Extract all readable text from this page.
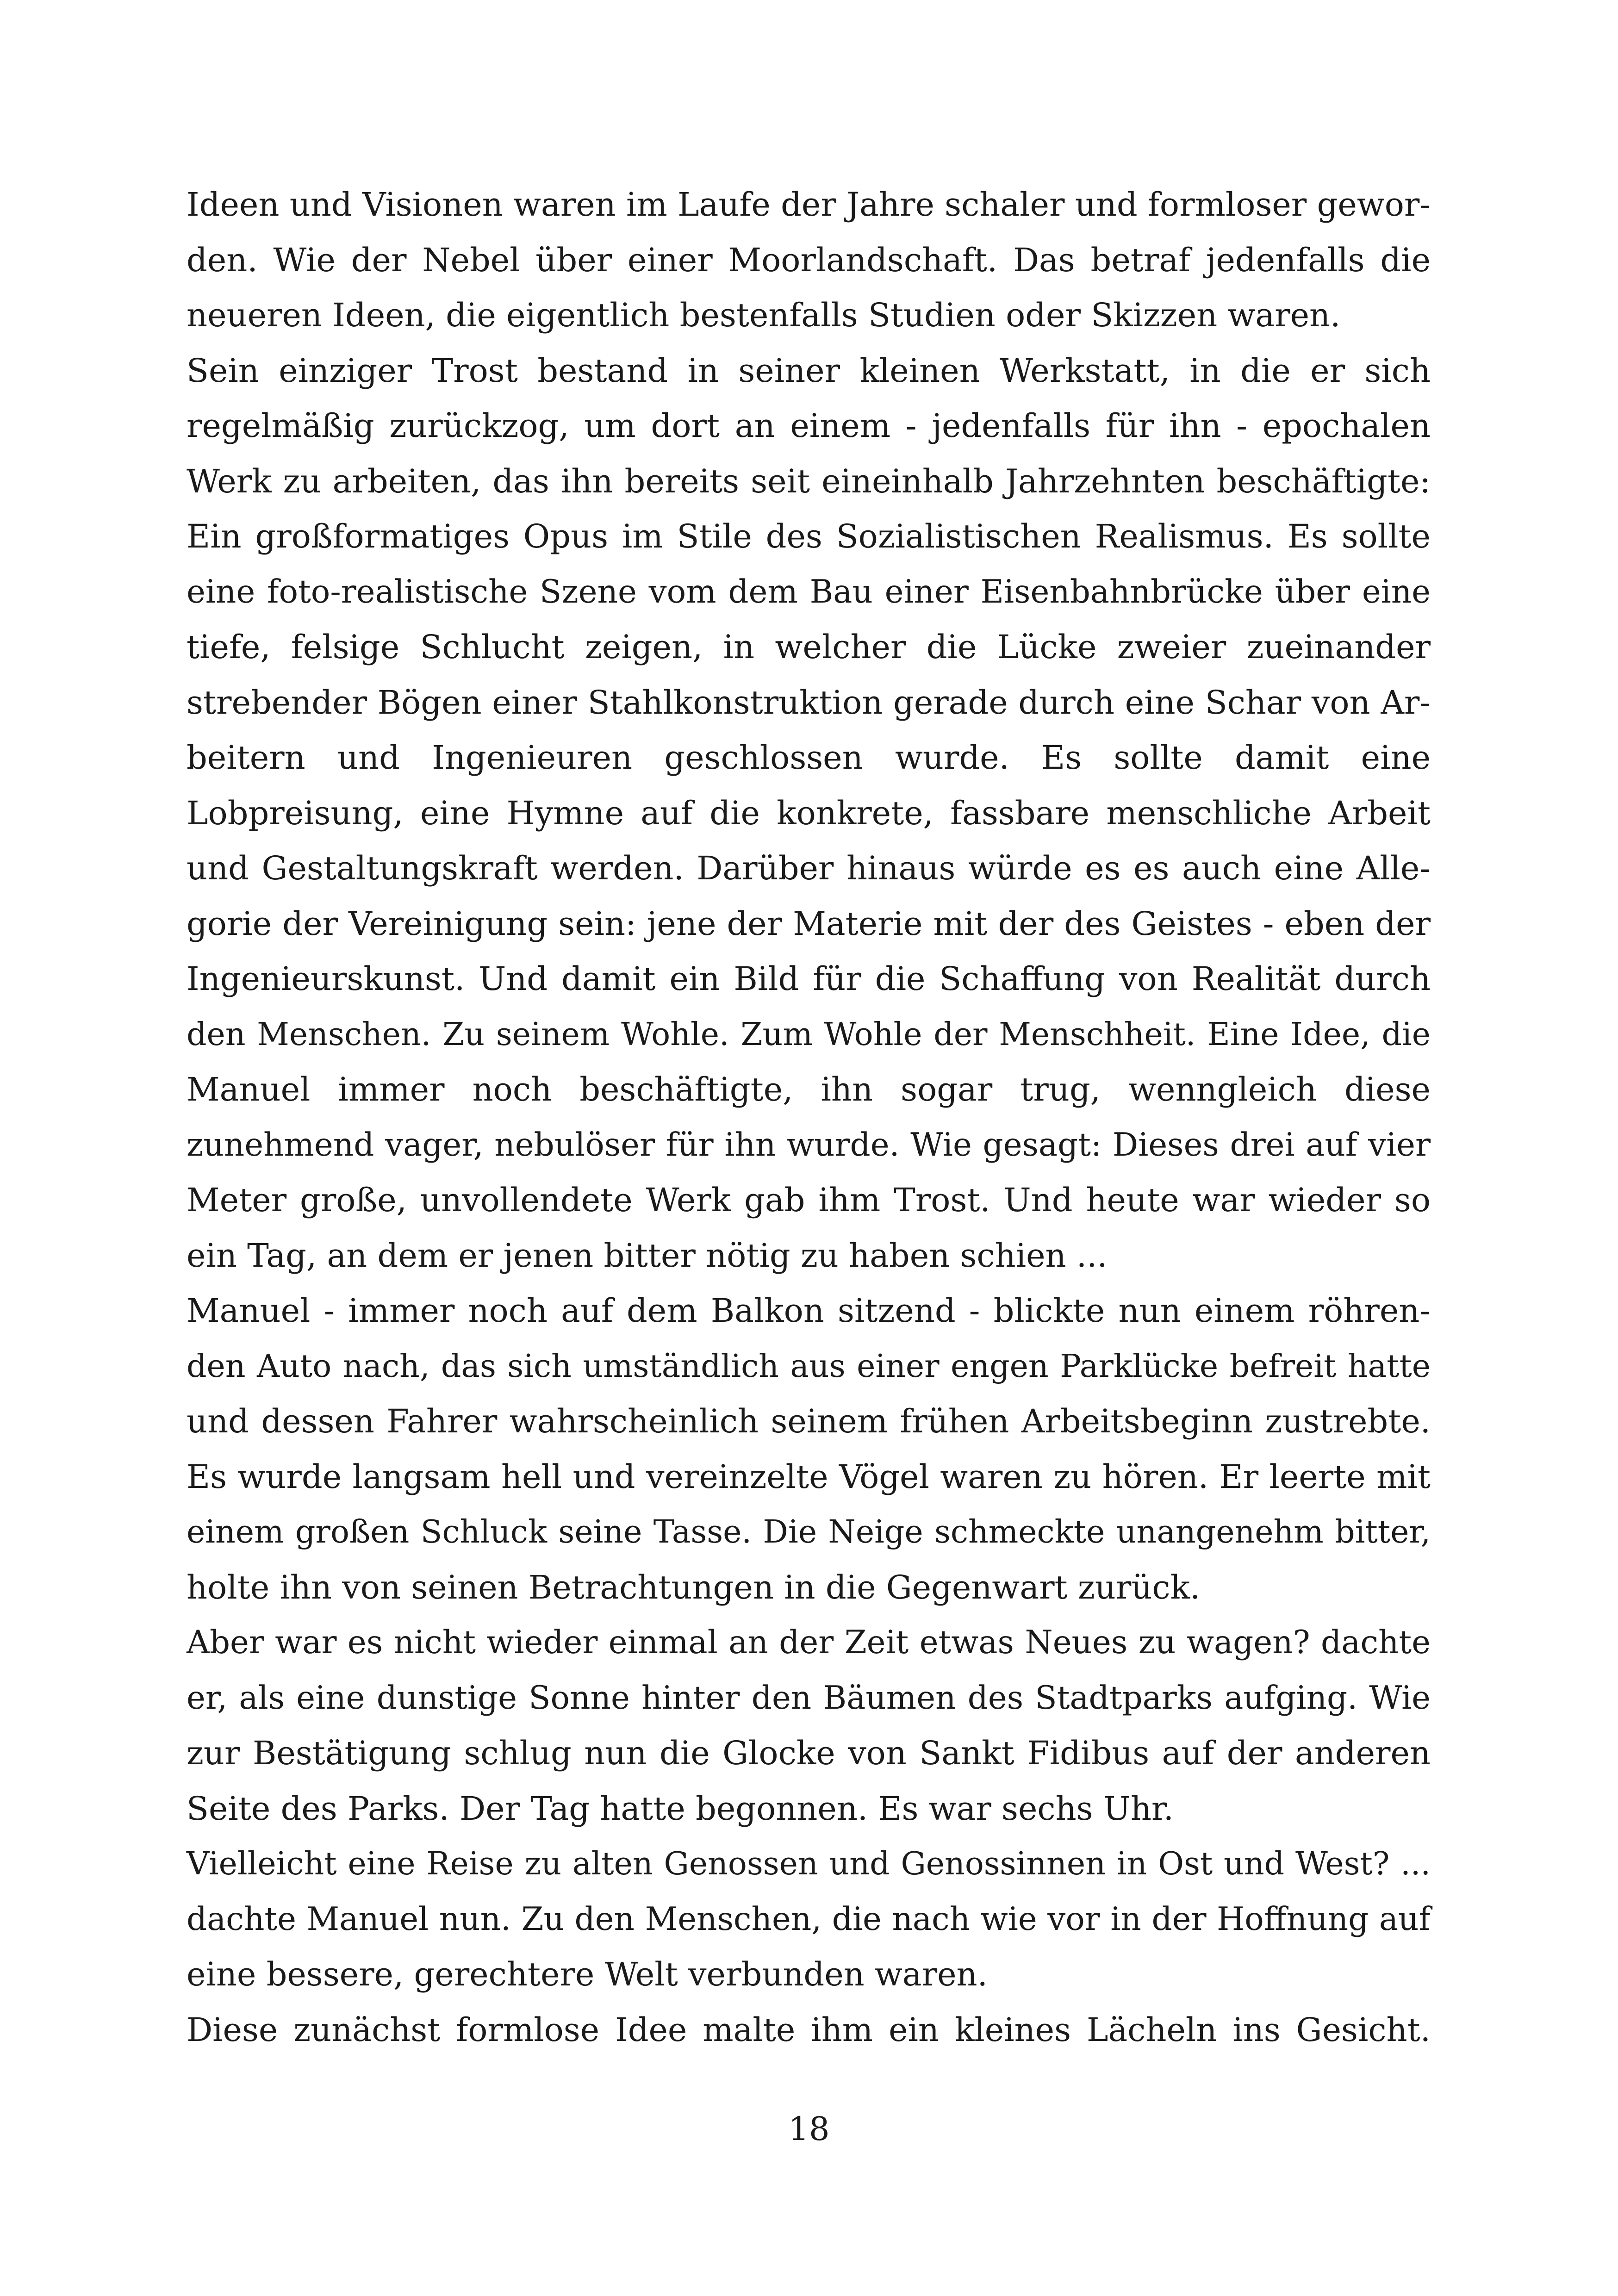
Ideen und Visionen waren im Laufe der Jahre schaler und formloser gewor-
den. Wie der Nebel über einer Moorlandschaft. Das betraf jedenfalls die
neueren Ideen, die eigentlich bestenfalls Studien oder Skizzen waren.
Sein einziger Trost bestand in seiner kleinen Werkstatt, in die er sich
regelmäßig zurückzog, um dort an einem - jedenfalls für ihn - epochalen
Werk zu arbeiten, das ihn bereits seit eineinhalb Jahrzehnten beschäftigte:
Ein großformatiges Opus im Stile des Sozialistischen Realismus. Es sollte
eine foto-realistische Szene vom dem Bau einer Eisenbahnbrücke über eine
tiefe, felsige Schlucht zeigen, in welcher die Lücke zweier zueinander
strebender Bögen einer Stahlkonstruktion gerade durch eine Schar von Ar-
beitern und Ingenieuren geschlossen wurde. Es sollte damit eine
Lobpreisung, eine Hymne auf die konkrete, fassbare menschliche Arbeit
und Gestaltungskraft werden. Darüber hinaus würde es es auch eine Alle-
gorie der Vereinigung sein: jene der Materie mit der des Geistes - eben der
Ingenieurskunst. Und damit ein Bild für die Schaffung von Realität durch
den Menschen. Zu seinem Wohle. Zum Wohle der Menschheit. Eine Idee, die
Manuel immer noch beschäftigte, ihn sogar trug, wenngleich diese
zunehmend vager, nebulöser für ihn wurde. Wie gesagt: Dieses drei auf vier
Meter große, unvollendete Werk gab ihm Trost. Und heute war wieder so
ein Tag, an dem er jenen bitter nötig zu haben schien ...
Manuel - immer noch auf dem Balkon sitzend - blickte nun einem röhren-
den Auto nach, das sich umständlich aus einer engen Parklücke befreit hatte
und dessen Fahrer wahrscheinlich seinem frühen Arbeitsbeginn zustrebte.
Es wurde langsam hell und vereinzelte Vögel waren zu hören. Er leerte mit
einem großen Schluck seine Tasse. Die Neige schmeckte unangenehm bitter,
holte ihn von seinen Betrachtungen in die Gegenwart zurück.
Aber war es nicht wieder einmal an der Zeit etwas Neues zu wagen? dachte
er, als eine dunstige Sonne hinter den Bäumen des Stadtparks aufging. Wie
zur Bestätigung schlug nun die Glocke von Sankt Fidibus auf der anderen
Seite des Parks. Der Tag hatte begonnen. Es war sechs Uhr.
Vielleicht eine Reise zu alten Genossen und Genossinnen in Ost und West? ...
dachte Manuel nun. Zu den Menschen, die nach wie vor in der Hoffnung auf
eine bessere, gerechtere Welt verbunden waren.
Diese zunächst formlose Idee malte ihm ein kleines Lächeln ins Gesicht.
18
